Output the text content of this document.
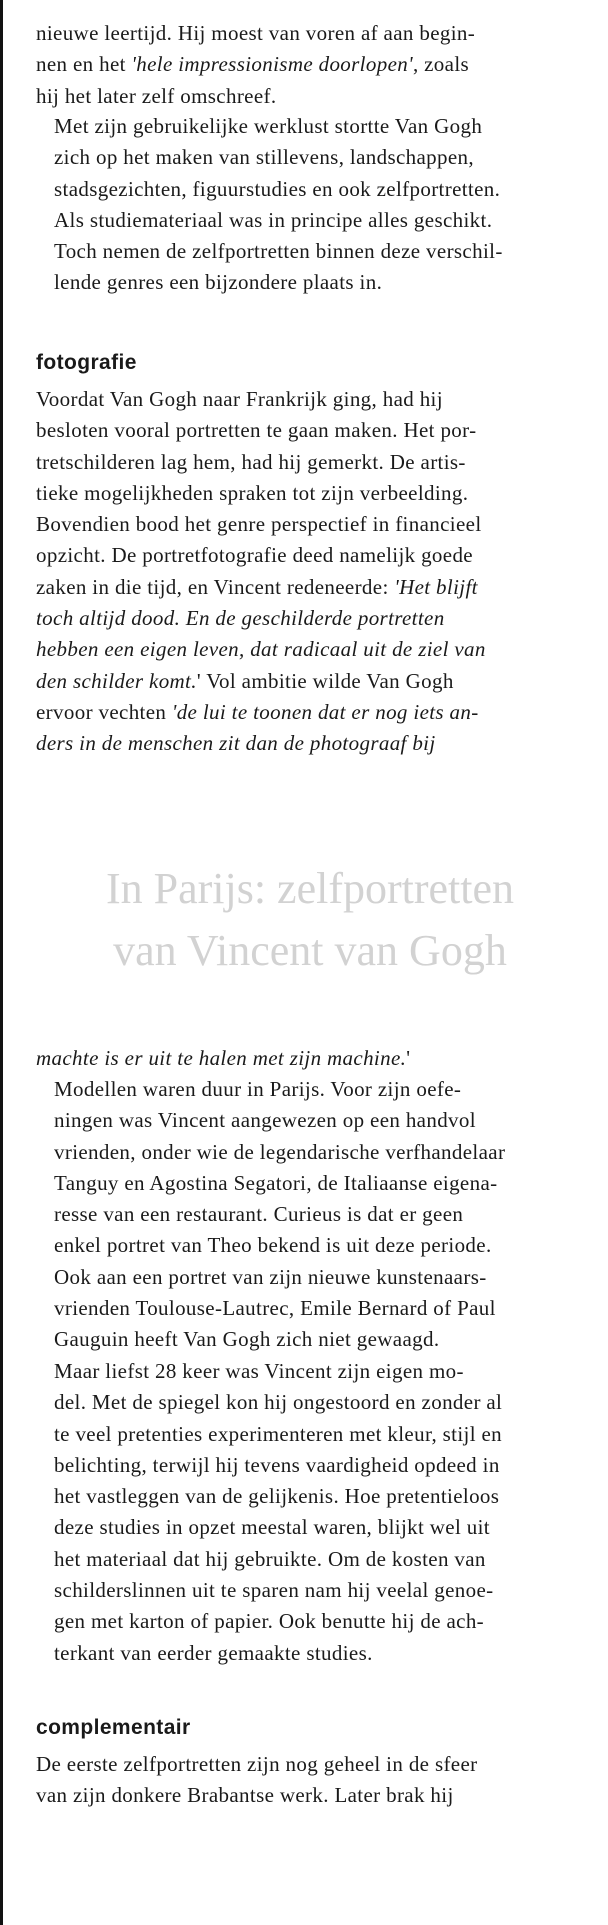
nieuwe leertijd. Hij moest van voren af aan begin-
nen en het 'hele impressionisme doorlopen', zoals
hij het later zelf omschreef.

Met zijn gebruikelijke werklust stortte Van Gogh
zich op het maken van stillevens, landschappen,
stadsgezichten, figuurstudies en ook zelfportretten.
Als studiemateriaal was in principe alles geschikt.
Toch nemen de zelfportretten binnen deze verschil-
lende genres een bijzondere plaats in.

fotografie

Voordat Van Gogh naar Frankrijk ging, had hij
besloten vooral portretten te gaan maken. Het por-
tretschilderen lag hem, had hij gemerkt. De artis-
tieke mogelijkheden spraken tot zijn verbeelding.
Bovendien bood het genre perspectief in financieel
opzicht. De portretfotografie deed namelijk goede
zaken in die tijd, en Vincent redeneerde: 'Het blijft
toch altijd dood. En de geschilderde portretten
hebben een eigen leven, dat radicaal uit de ziel van
den schilder komt.' Vol ambitie wilde Van Gogh
ervoor vechten 'de lui te toonen dat er nog iets an-
ders in de menschen zit dan de photograaf bij

In Parijs: zelfportretten
van Vincent van Gogh

machte is er uit te halen met zijn machine.'

Modellen waren duur in Parijs. Voor zijn oefe-
ningen was Vincent aangewezen op een handvol
vrienden, onder wie de legendarische verfhandelaar
Tanguy en Agostina Segatori, de Italiaanse eigena-
resse van een restaurant. Curieus is dat er geen
enkel portret van Theo bekend is uit deze periode.
Ook aan een portret van zijn nieuwe kunstenaars-
vrienden Toulouse-Lautrec, Emile Bernard of Paul
Gauguin heeft Van Gogh zich niet gewaagd.

Maar liefst 28 keer was Vincent zijn eigen mo-
del. Met de spiegel kon hij ongestoord en zonder al
te veel pretenties experimenteren met kleur, stijl en
belichting, terwijl hij tevens vaardigheid opdeed in
het vastleggen van de gelijkenis. Hoe pretentieloos
deze studies in opzet meestal waren, blijkt wel uit
het materiaal dat hij gebruikte. Om de kosten van
schilderslinnen uit te sparen nam hij veelal genoe-
gen met karton of papier. Ook benutte hij de ach-
terkant van eerder gemaakte studies.

complementair

De eerste zelfportretten zijn nog geheel in de sfeer
van zijn donkere Brabantse werk. Later brak hij
